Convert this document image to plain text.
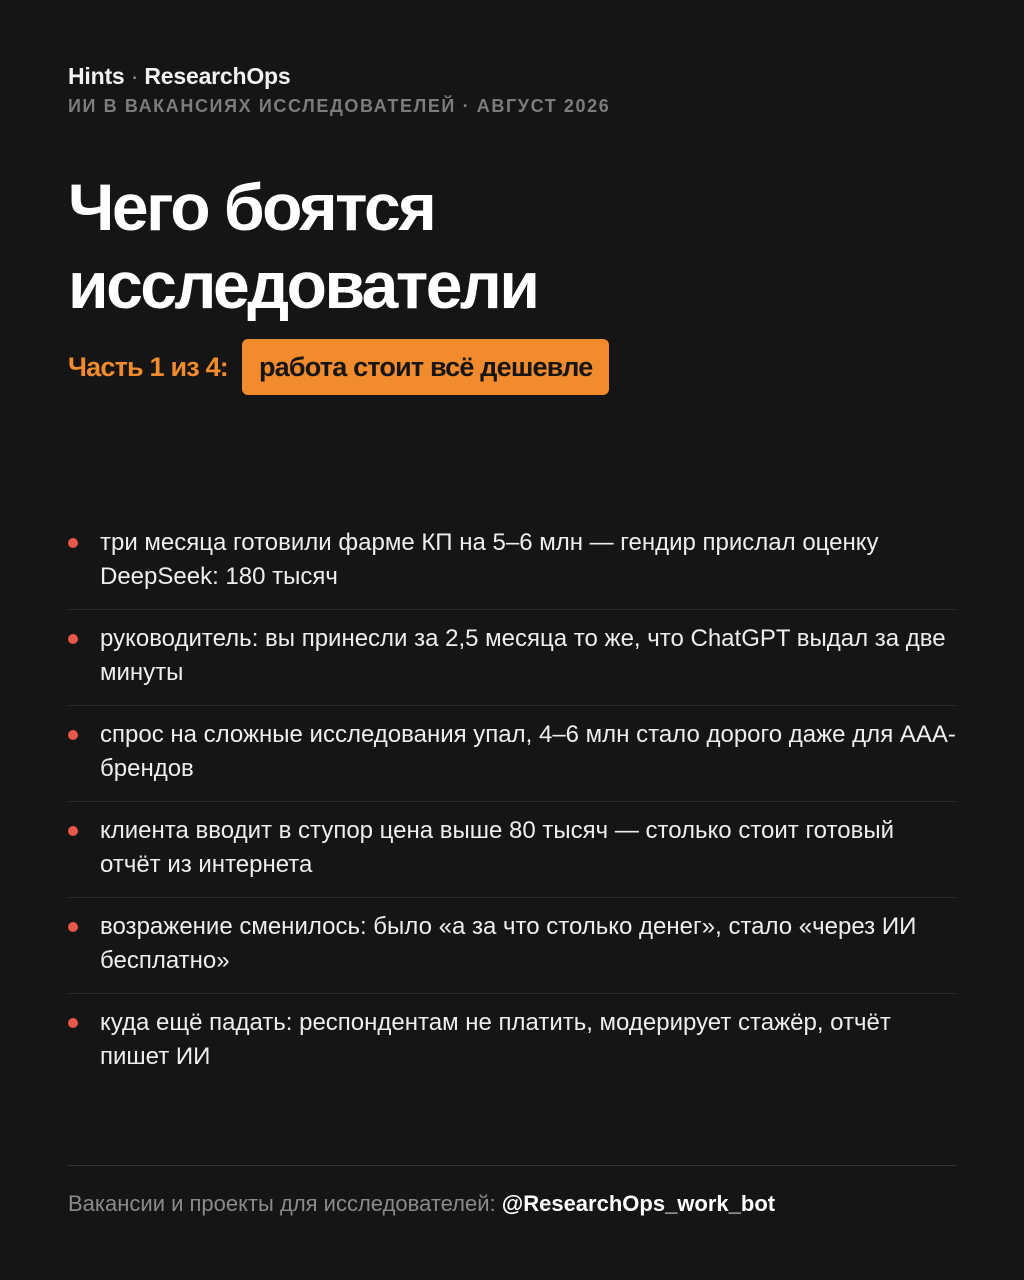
Hints · ResearchOps
ИИ В ВАКАНСИЯХ ИССЛЕДОВАТЕЛЕЙ · АВГУСТ 2026
Чего боятся
исследователи
Часть 1 из 4:	работа стоит всё дешевле
три месяца готовили фарме КП на 5–6 млн — гендир прислал оценку DeepSeek: 180 тысяч
руководитель: вы принесли за 2,5 месяца то же, что ChatGPT выдал за две минуты
спрос на сложные исследования упал, 4–6 млн стало дорого даже для AAA-брендов
клиента вводит в ступор цена выше 80 тысяч — столько стоит готовый отчёт из интернета
возражение сменилось: было «а за что столько денег», стало «через ИИ бесплатно»
куда ещё падать: респондентам не платить, модерирует стажёр, отчёт пишет ИИ
Вакансии и проекты для исследователей: @ResearchOps_work_bot
